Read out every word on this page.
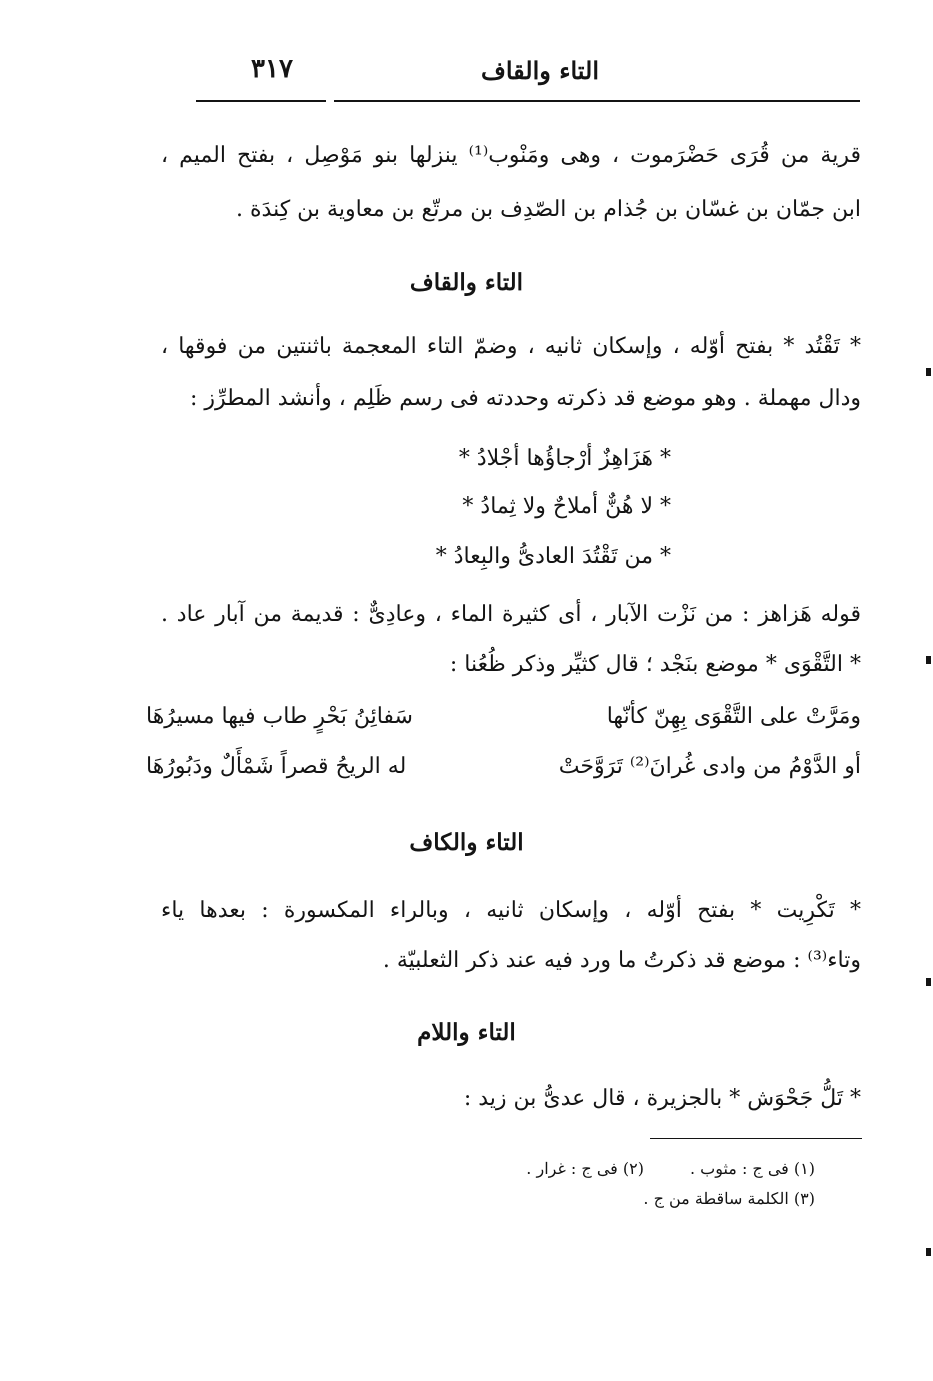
٣١٧	التاء والقاف
قرية من قُرَى حَضْرَموت ، وهى ومَنْوب⁽¹⁾ ينزلها بنو مَوْصِل ، بفتح الميم ،
ابن جمّان بن غسّان بن جُذام بن الصّدِف بن مرتّع بن معاوية بن كِندَة .
التاء والقاف
* تَقْتُد * بفتح أوّله ، وإسكان ثانيه ، وضمّ التاء المعجمة باثنتين من فوقها ،
ودال مهملة . وهو موضع قد ذكرته وحددته فى رسم ظَلِم ، وأنشد المطرِّز :
* هَزَاهِزٌ أرْجاؤُها أجْلادُ *
* لا هُنٌّ أملاحٌ ولا ثِمادُ *
* من تَقْتُدَ العادىُّ والبِعادُ *
قوله هَزاهز : من نَزْت الآبار ، أى كثيرة الماء ، وعادِىٌّ : قديمة من آبار عاد .
* التَّقْوَى * موضع بنَجْد ؛ قال كثيِّر وذكر ظُعُنا :
ومَرَّتْ على التَّقْوَى بِهِنّ كأنّها
سَفائِنُ بَحْرٍ طاب فيها مسيرُهَا
أو الدَّوْمُ من وادى غُرانَ⁽²⁾ تَرَوَّحَتْ
له الريحُ قصراً شَمْأَلٌ ودَبُورُهَا
التاء والكاف
* تَكْرِيت * بفتح أوّله ، وإسكان ثانيه ، وبالراء المكسورة : بعدها ياء
وتاء⁽³⁾ : موضع قد ذكرتُ ما ورد فيه عند ذكر الثعلبيّة .
التاء واللام
* تَلُّ جَحْوَش * بالجزيرة ، قال عدىُّ بن زيد :
(١) فى ج : مثوب .(٢) فى ج : غرار .
(٣) الكلمة ساقطة من ج .
